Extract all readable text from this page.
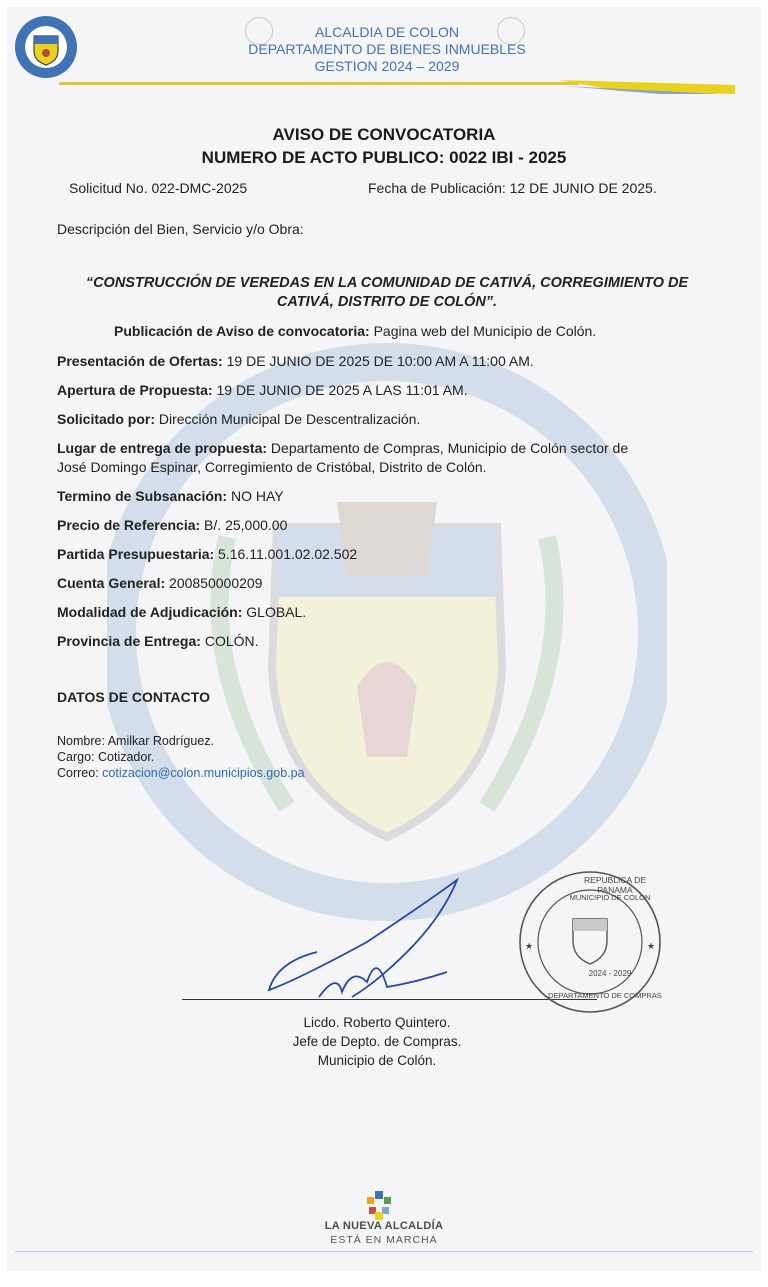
ALCALDIA DE COLON
DEPARTAMENTO DE BIENES INMUEBLES
GESTION 2024 – 2029
AVISO DE CONVOCATORIA
NUMERO DE ACTO PUBLICO: 0022 IBI - 2025
Solicitud No. 022-DMC-2025	Fecha de Publicación: 12 DE JUNIO DE 2025.
Descripción del Bien, Servicio y/o Obra:
“CONSTRUCCIÓN DE VEREDAS EN LA COMUNIDAD DE CATIVÁ, CORREGIMIENTO DE
CATIVÁ, DISTRITO DE COLÓN”.
Publicación de Aviso de convocatoria: Pagina web del Municipio de Colón.
Presentación de Ofertas: 19 DE JUNIO DE 2025 DE 10:00 AM A 11:00 AM.
Apertura de Propuesta: 19 DE JUNIO DE 2025 A LAS 11:01 AM.
Solicitado por: Dirección Municipal De Descentralización.
Lugar de entrega de propuesta: Departamento de Compras, Municipio de Colón sector de
José Domingo Espinar, Corregimiento de Cristóbal, Distrito de Colón.
Termino de Subsanación: NO HAY
Precio de Referencia: B/. 25,000.00
Partida Presupuestaria: 5.16.11.001.02.02.502
Cuenta General: 200850000209
Modalidad de Adjudicación: GLOBAL.
Provincia de Entrega: COLÓN.
DATOS DE CONTACTO
Nombre: Amilkar Rodríguez.
Cargo: Cotizador.
Correo: cotizacion@colon.municipios.gob.pa
Licdo. Roberto Quintero.
Jefe de Depto. de Compras.
Municipio de Colón.
★	★
REPUBLICA DE PANAMA
MUNICIPIO DE COLON
2024 - 2029
DEPARTAMENTO DE COMPRAS
LA NUEVA ALCALDÍA
ESTÁ EN MARCHA
